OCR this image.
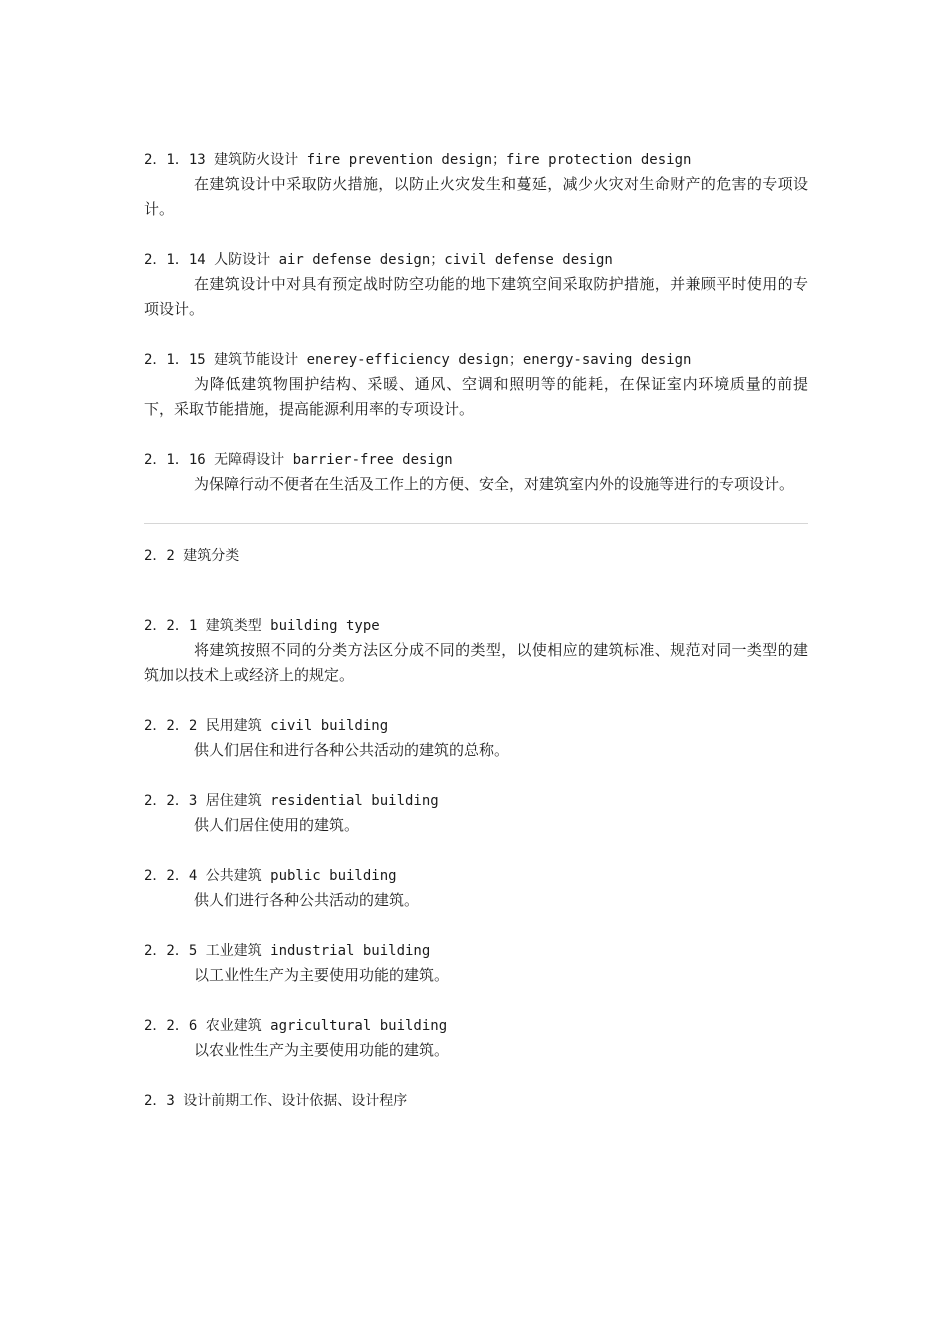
2．1．13 建筑防火设计 fire prevention design；fire protection design

在建筑设计中采取防火措施，以防止火灾发生和蔓延，减少火灾对生命财产的危害的专项设计。

2．1．14 人防设计 air defense design；civil defense design

在建筑设计中对具有预定战时防空功能的地下建筑空间采取防护措施，并兼顾平时使用的专项设计。

2．1．15 建筑节能设计 enerey-efficiency design；energy-saving design

为降低建筑物围护结构、采暖、通风、空调和照明等的能耗，在保证室内环境质量的前提下，采取节能措施，提高能源利用率的专项设计。

2．1．16 无障碍设计 barrier-free design

为保障行动不便者在生活及工作上的方便、安全，对建筑室内外的设施等进行的专项设计。

2．2 建筑分类
2．2．1 建筑类型 building type

将建筑按照不同的分类方法区分成不同的类型，以使相应的建筑标准、规范对同一类型的建筑加以技术上或经济上的规定。

2．2．2 民用建筑 civil building

供人们居住和进行各种公共活动的建筑的总称。

2．2．3 居住建筑 residential building

供人们居住使用的建筑。

2．2．4 公共建筑 public building

供人们进行各种公共活动的建筑。

2．2．5 工业建筑 industrial building

以工业性生产为主要使用功能的建筑。

2．2．6 农业建筑 agricultural building

以农业性生产为主要使用功能的建筑。

2．3 设计前期工作、设计依据、设计程序
